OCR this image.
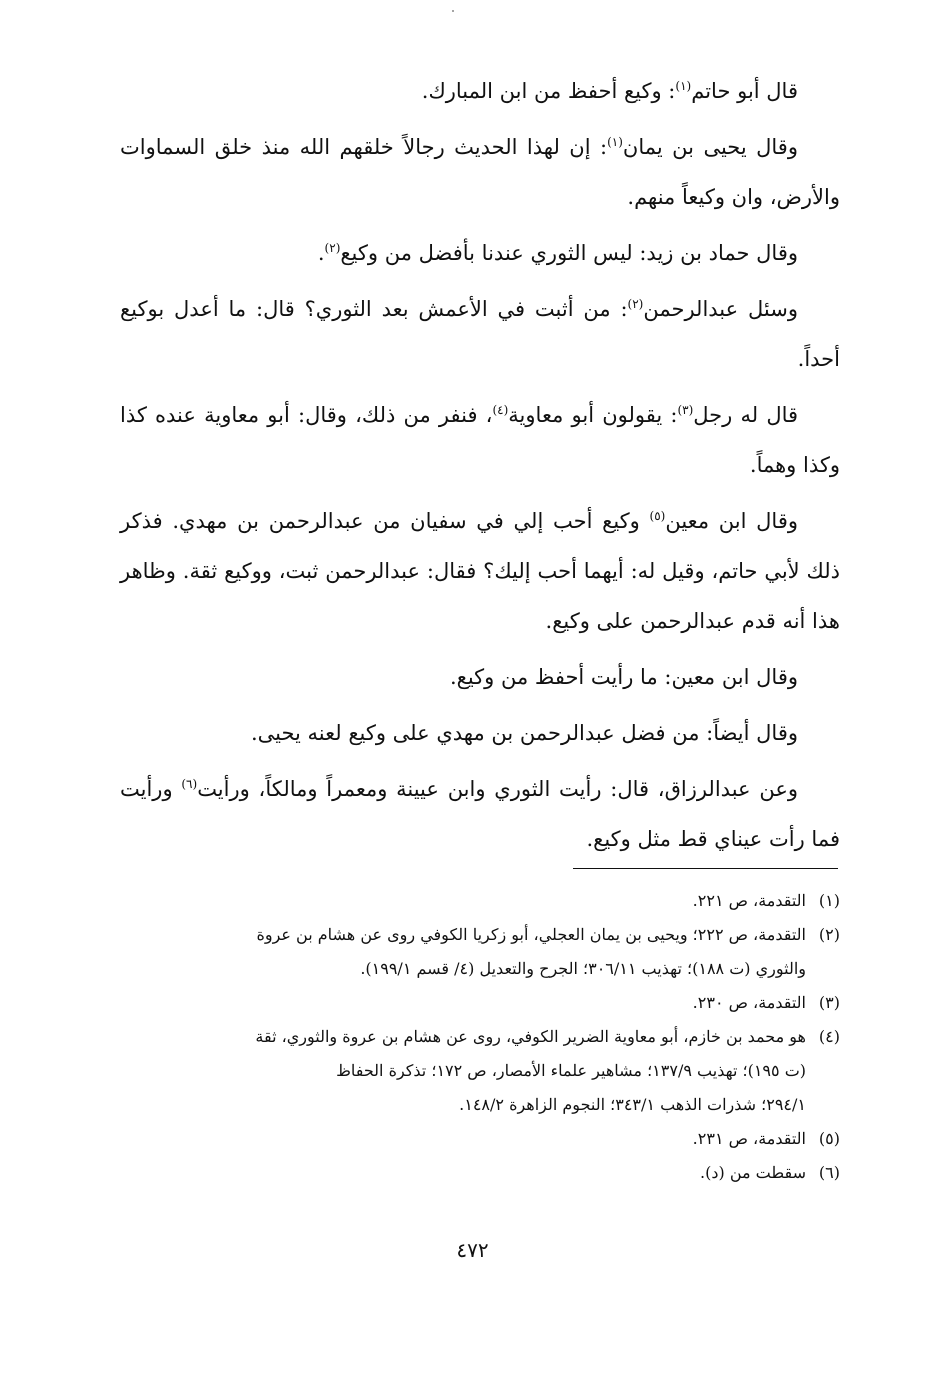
قال أبو حاتم$^{(١)}$: وكيع أحفظ من ابن المبارك.

وقال يحيى بن يمان$^{(١)}$: إن لهذا الحديث رجالاً خلقهم الله منذ خلق السماوات والأرض، وان وكيعاً منهم.

وقال حماد بن زيد: ليس الثوري عندنا بأفضل من وكيع$^{(٢)}$.

وسئل عبدالرحمن$^{(٢)}$: من أثبت في الأعمش بعد الثوري؟ قال: ما أعدل بوكيع أحداً.

قال له رجل$^{(٣)}$: يقولون أبو معاوية$^{(٤)}$، فنفر من ذلك، وقال: أبو معاوية عنده كذا وكذا وهماً.

وقال ابن معين$^{(٥)}$ وكيع أحب إلي في سفيان من عبدالرحمن بن مهدي. فذكر ذلك لأبي حاتم، وقيل له: أيهما أحب إليك؟ فقال: عبدالرحمن ثبت، ووكيع ثقة. وظاهر هذا أنه قدم عبدالرحمن على وكيع.

وقال ابن معين: ما رأيت أحفظ من وكيع.

وقال أيضاً: من فضل عبدالرحمن بن مهدي على وكيع لعنه يحيى.

وعن عبدالرزاق، قال: رأيت الثوري وابن عيينة ومعمراً ومالكاً، ورأيت$^{(٦)}$ ورأيت فما رأت عيناي قط مثل وكيع.

(١)
التقدمة، ص ٢٢١.
(٢)
التقدمة، ص ٢٢٢؛ ويحيى بن يمان العجلي، أبو زكريا الكوفي روى عن هشام بن عروة
والثوري (ت ١٨٨)؛ تهذيب ٣٠٦/١١؛ الجرح والتعديل (٤/ قسم ١٩٩/١).
(٣)
التقدمة، ص ٢٣٠.
(٤)
هو محمد بن خازم، أبو معاوية الضرير الكوفي، روى عن هشام بن عروة والثوري، ثقة
(ت ١٩٥)؛ تهذيب ١٣٧/٩؛ مشاهير علماء الأمصار، ص ١٧٢؛ تذكرة الحفاظ
٢٩٤/١؛ شذرات الذهب ٣٤٣/١؛ النجوم الزاهرة ١٤٨/٢.
(٥)
التقدمة، ص ٢٣١.
(٦)
سقطت من (د).
٤٧٢
